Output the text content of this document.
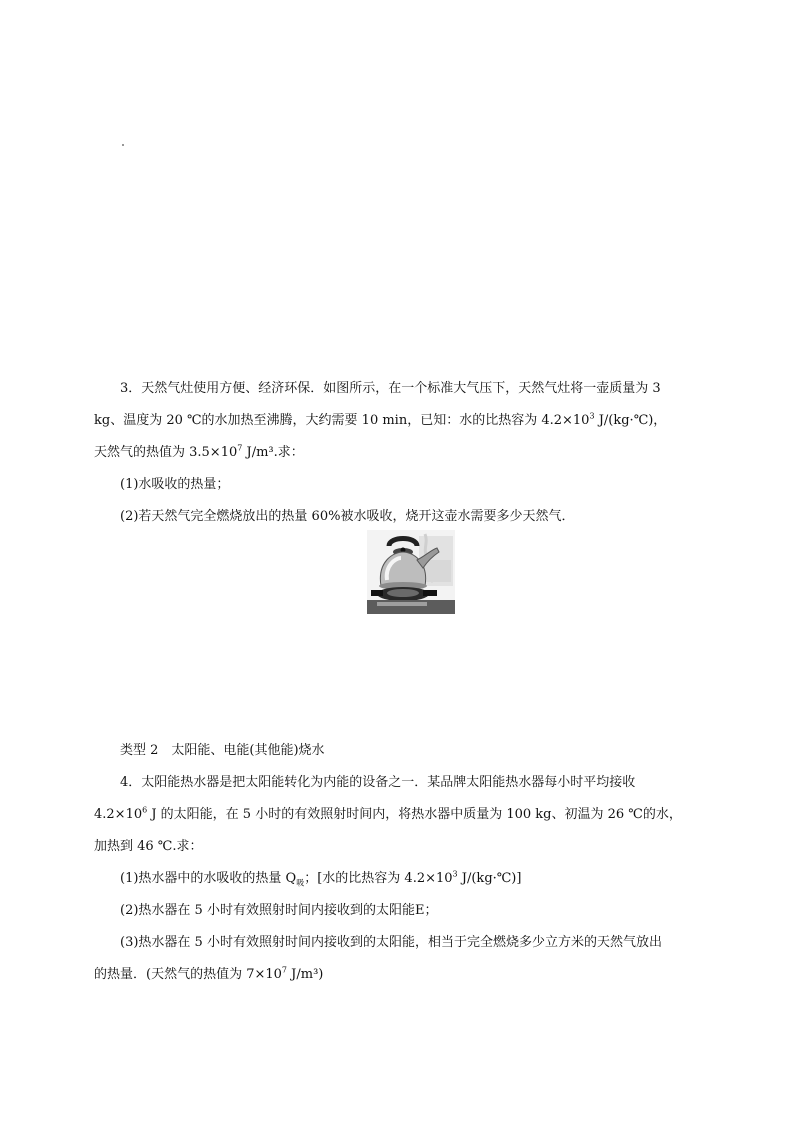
3．天然气灶使用方便、经济环保．如图所示，在一个标准大气压下，天然气灶将一壶质量为 3
kg、温度为 20 ℃的水加热至沸腾，大约需要 10 min，已知：水的比热容为 $4.2\times 10^3$ J/(kg·℃)，
天然气的热值为 $3.5\times 10^7$ J/m³.求：
(1)水吸收的热量；
(2)若天然气完全燃烧放出的热量 60%被水吸收，烧开这壶水需要多少天然气．
类型 2　太阳能、电能(其他能)烧水
4．太阳能热水器是把太阳能转化为内能的设备之一．某品牌太阳能热水器每小时平均接收
$4.2\times 10^6$ J 的太阳能，在 5 小时的有效照射时间内，将热水器中质量为 100 kg、初温为 26 ℃的水，
加热到 46 ℃.求：
(1)热水器中的水吸收的热量 $Q_吸$；[水的比热容为 $4.2\times 10^3$ J/(kg·℃)]
(2)热水器在 5 小时有效照射时间内接收到的太阳能E；
(3)热水器在 5 小时有效照射时间内接收到的太阳能，相当于完全燃烧多少立方米的天然气放出
的热量．(天然气的热值为 $7\times 10^7$ J/m³)
